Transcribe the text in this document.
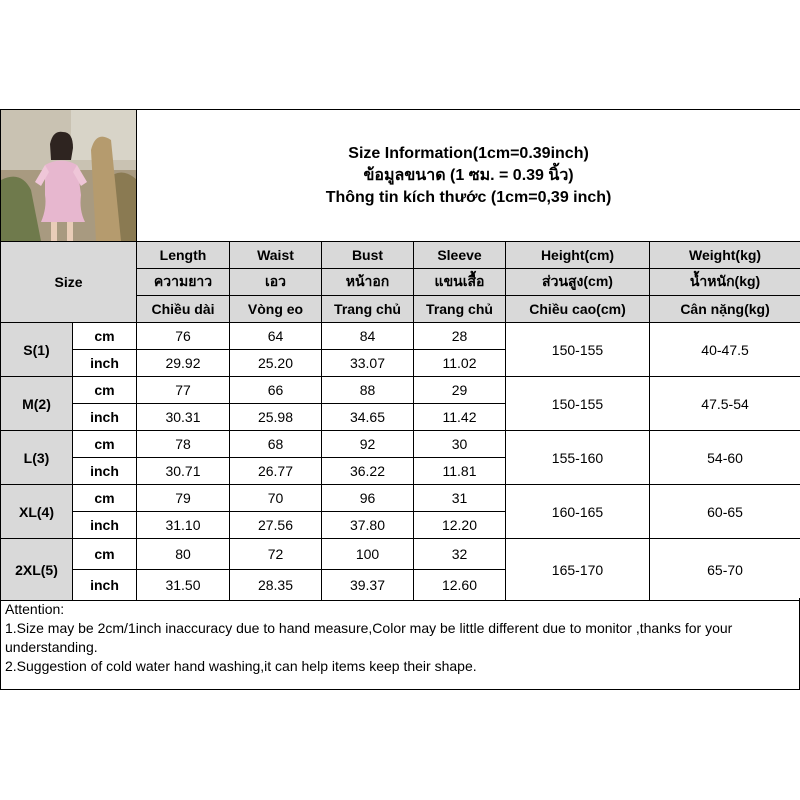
Size Information(1cm=0.39inch)
ข้อมูลขนาด (1 ซม. = 0.39 นิ้ว)
Thông tin kích thước (1cm=0,39 inch)					

Size		Length	Waist	Bust	Sleeve	Height(cm)	Weight(kg)
		ความยาว	เอว	หน้าอก	แขนเสื้อ	ส่วนสูง(cm)	น้ำหนัก(kg)
		Chiều dài	Vòng eo	Trang chủ	Trang chủ	Chiều cao(cm)	Cân nặng(kg)
S(1)	cm	76	64	84	28	150-155	40-47.5
	inch	29.92	25.20	33.07	11.02		
M(2)	cm	77	66	88	29	150-155	47.5-54
	inch	30.31	25.98	34.65	11.42		
L(3)	cm	78	68	92	30	155-160	54-60
	inch	30.71	26.77	36.22	11.81		
XL(4)	cm	79	70	96	31	160-165	60-65
	inch	31.10	27.56	37.80	12.20		
2XL(5)	cm	80	72	100	32	165-170	65-70
	inch	31.50	28.35	39.37	12.60		
Attention:
1.Size may be 2cm/1inch inaccuracy due to hand measure,Color may be little different due to monitor ,thanks for your understanding.
2.Suggestion of cold water hand washing,it can help items keep their shape.
